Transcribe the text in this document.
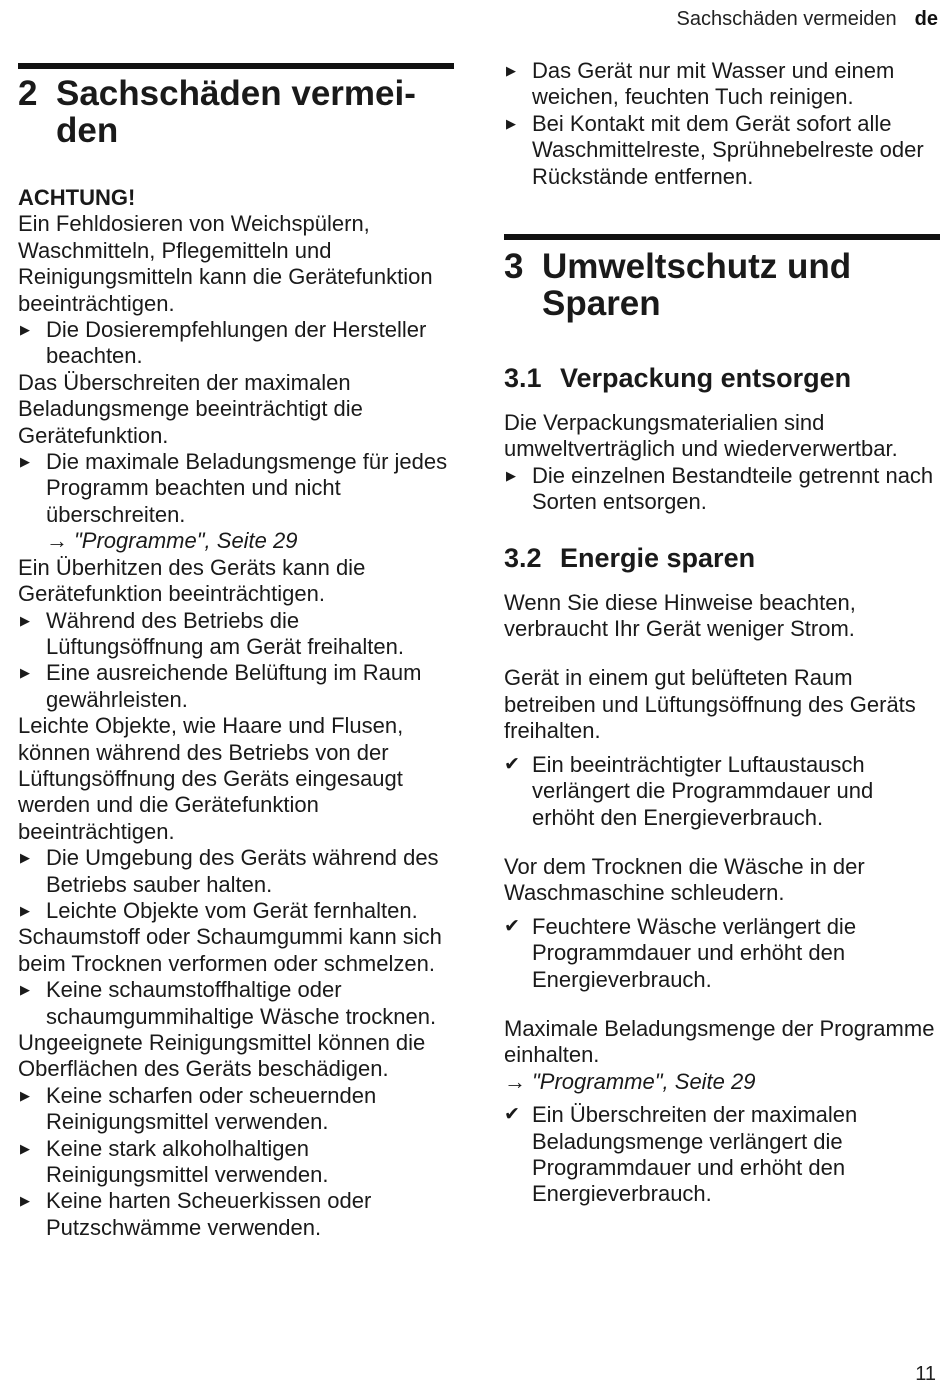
Sachschäden vermeiden de
2 Sachschäden vermei-
den

ACHTUNG!

Ein Fehldosieren von Weichspülern, Waschmitteln, Pflegemitteln und Reinigungsmitteln kann die Gerätefunktion beeinträchtigen.

▶ Die Dosierempfehlungen der Hersteller beachten.

Das Überschreiten der maximalen Beladungsmenge beeinträchtigt die Gerätefunktion.

▶ Die maximale Beladungsmenge für jedes Programm beachten und nicht überschreiten.

→ "Programme", Seite 29

Ein Überhitzen des Geräts kann die Gerätefunktion beeinträchtigen.

▶ Während des Betriebs die Lüftungsöffnung am Gerät freihalten.
▶ Eine ausreichende Belüftung im Raum gewährleisten.

Leichte Objekte, wie Haare und Flusen, können während des Betriebs von der Lüftungsöffnung des Geräts eingesaugt werden und die Gerätefunktion beeinträchtigen.

▶ Die Umgebung des Geräts während des Betriebs sauber halten.
▶ Leichte Objekte vom Gerät fernhalten.

Schaumstoff oder Schaumgummi kann sich beim Trocknen verformen oder schmelzen.

▶ Keine schaumstoffhaltige oder schaumgummihaltige Wäsche trocknen.

Ungeeignete Reinigungsmittel können die Oberflächen des Geräts beschädigen.

▶ Keine scharfen oder scheuernden Reinigungsmittel verwenden.
▶ Keine stark alkoholhaltigen Reinigungsmittel verwenden.
▶ Keine harten Scheuerkissen oder Putzschwämme verwenden.
▶ Das Gerät nur mit Wasser und einem weichen, feuchten Tuch reinigen.
▶ Bei Kontakt mit dem Gerät sofort alle Waschmittelreste, Sprühnebelreste oder Rückstände entfernen.
3 Umweltschutz und
Sparen
3.1 Verpackung entsorgen

Die Verpackungsmaterialien sind umweltverträglich und wiederverwertbar.

▶ Die einzelnen Bestandteile getrennt nach Sorten entsorgen.
3.2 Energie sparen

Wenn Sie diese Hinweise beachten, verbraucht Ihr Gerät weniger Strom.

Gerät in einem gut belüfteten Raum betreiben und Lüftungsöffnung des Geräts freihalten.

✔ Ein beeinträchtigter Luftaustausch verlängert die Programmdauer und erhöht den Energieverbrauch.

Vor dem Trocknen die Wäsche in der Waschmaschine schleudern.

✔ Feuchtere Wäsche verlängert die Programmdauer und erhöht den Energieverbrauch.

Maximale Beladungsmenge der Programme einhalten.

→ "Programme", Seite 29

✔ Ein Überschreiten der maximalen Beladungsmenge verlängert die Programmdauer und erhöht den Energieverbrauch.
11
